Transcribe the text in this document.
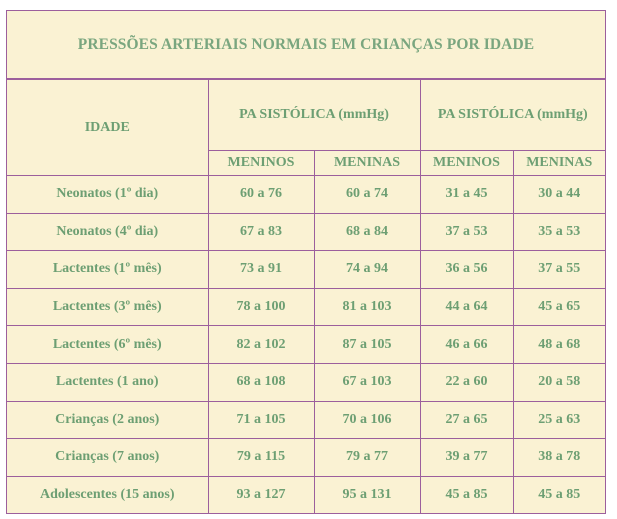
PRESSÕES ARTERIAIS NORMAIS EM CRIANÇAS POR IDADE
IDADE	PA SISTÓLICA (mmHg)		PA SISTÓLICA (mmHg)	
	MENINOS	MENINAS	MENINOS	MENINAS
Neonatos (1º dia)	60 a 76	60 a 74	31 a 45	30 a 44
Neonatos (4º dia)	67 a 83	68 a 84	37 a 53	35 a 53
Lactentes (1º mês)	73 a 91	74 a 94	36 a 56	37 a 55
Lactentes (3º mês)	78 a 100	81 a 103	44 a 64	45 a 65
Lactentes (6º mês)	82 a 102	87 a 105	46 a 66	48 a 68
Lactentes (1 ano)	68 a 108	67 a 103	22 a 60	20 a 58
Crianças (2 anos)	71 a 105	70 a 106	27 a 65	25 a 63
Crianças (7 anos)	79 a 115	79 a 77	39 a 77	38 a 78
Adolescentes (15 anos)	93 a 127	95 a 131	45 a 85	45 a 85
